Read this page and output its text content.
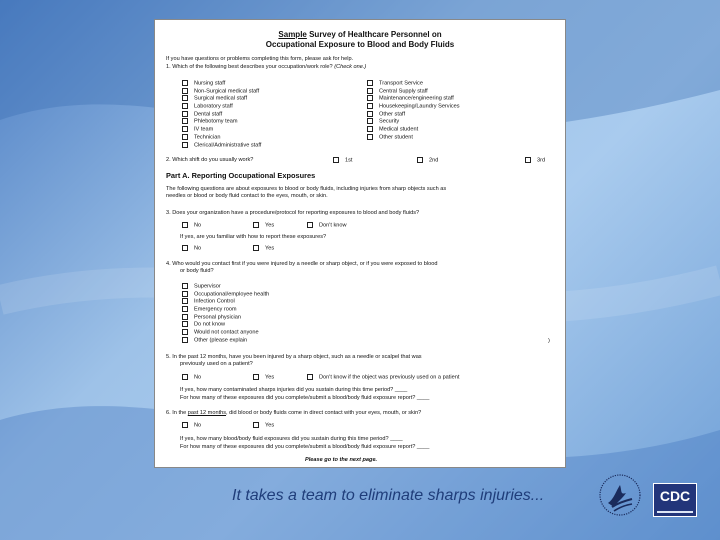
Sample Survey of Healthcare Personnel on
Occupational Exposure to Blood and Body Fluids
If you have questions or problems completing this form, please ask for help.
1. Which of the following best describes your occupation/work role? (Check one.)
Nursing staff
Non-Surgical medical staff
Surgical medical staff
Laboratory staff
Dental staff
Phlebotomy team
IV team
Technician
Clerical/Administrative staff
Transport Service
Central Supply staff
Maintenance/engineering staff
Housekeeping/Laundry Services
Other staff
Security
Medical student
Other student
2. Which shift do you usually work?	1st	2nd	3rd
Part A. Reporting Occupational Exposures
The following questions are about exposures to blood or body fluids, including injuries from sharp objects such as
needles or blood or body fluid contact to the eyes, mouth, or skin.
3. Does your organization have a procedure/protocol for reporting exposures to blood and body fluids?
No	Yes	Don't know
If yes, are you familiar with how to report these exposures?
No	Yes
4. Who would you contact first if you were injured by a needle or sharp object, or if you were exposed to blood
or body fluid?
Supervisor
Occupational/employee health
Infection Control
Emergency room
Personal physician
Do not know
Would not contact anyone
Other (please explain	)
5. In the past 12 months, have you been injured by a sharp object, such as a needle or scalpel that was
previously used on a patient?
No	Yes	Don't know if the object was previously used on a patient
If yes, how many contaminated sharps injuries did you sustain during this time period? ____
For how many of these exposures did you complete/submit a blood/body fluid exposure report? ____
6. In the past 12 months, did blood or body fluids come in direct contact with your eyes, mouth, or skin?
No	Yes
If yes, how many blood/body fluid exposures did you sustain during this time period? ____
For how many of these exposures did you complete/submit a blood/body fluid exposure report? ____
Please go to the next page.
It takes a team to eliminate sharps injuries...	CDC
